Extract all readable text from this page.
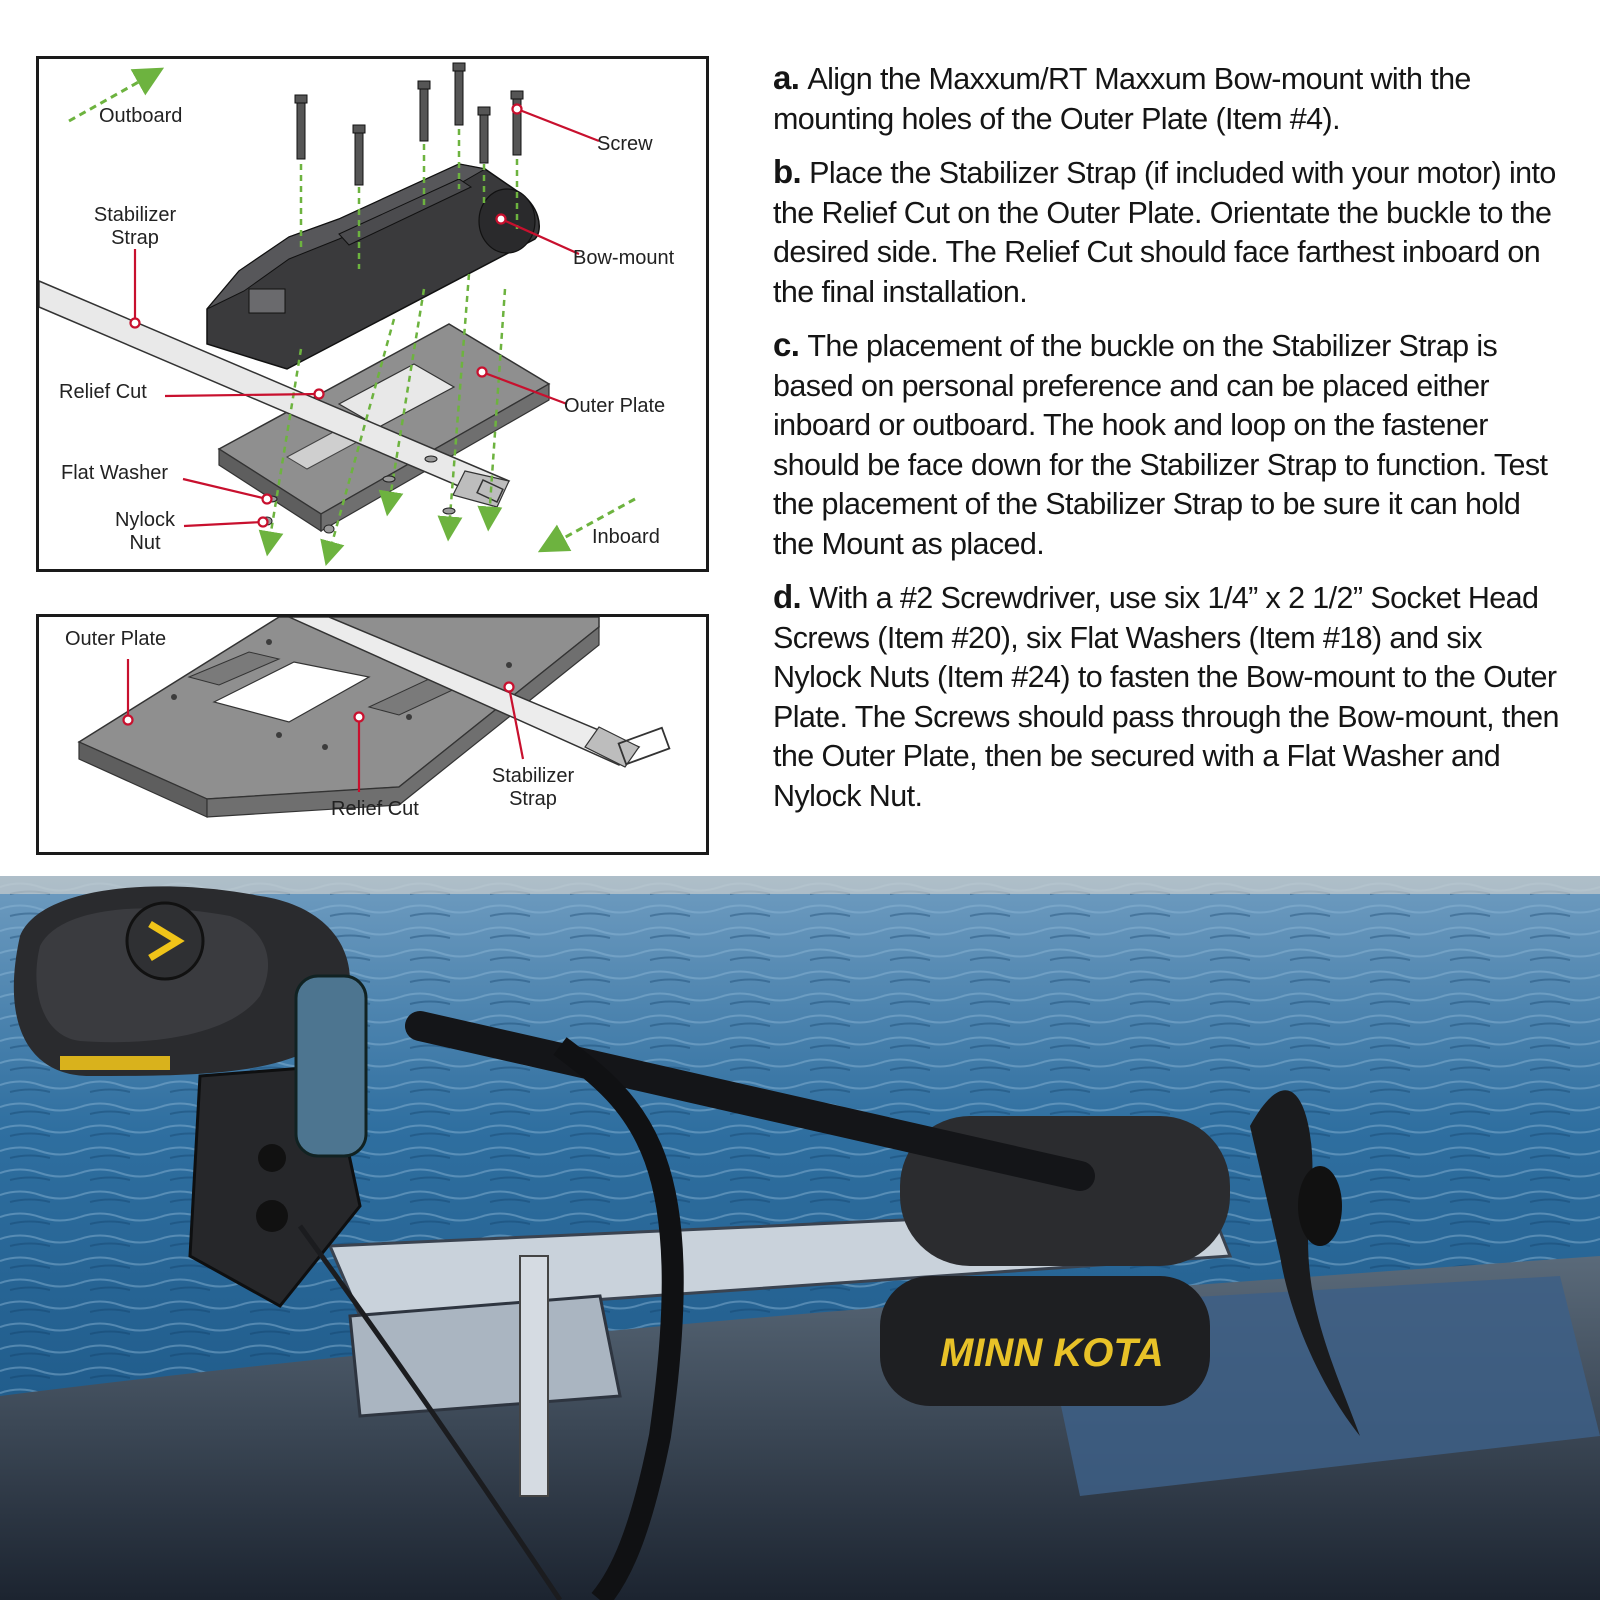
Outboard
Screw
Stabilizer
Strap
Bow-mount
Relief Cut
Outer Plate
Flat Washer
Nylock
Nut	Inboard
Outer Plate
Relief Cut
Stabilizer
Strap

a. Align the Maxxum/RT Maxxum Bow-mount with the mounting holes of the Outer Plate (Item #4).

b. Place the Stabilizer Strap (if included with your motor) into the Relief Cut on the Outer Plate. Orientate the buckle to the desired side. The Relief Cut should face farthest inboard on the final installation.

c. The placement of the buckle on the Stabilizer Strap is based on personal preference and can be placed either inboard or outboard. The hook and loop on the fastener should be face down for the Stabilizer Strap to function. Test the placement of the Stabilizer Strap to be sure it can hold the Mount as placed.

d. With a #2 Screwdriver, use six 1/4” x 2 1/2” Socket Head Screws (Item #20), six Flat Washers (Item #18) and six Nylock Nuts (Item #24) to fasten the Bow-mount to the Outer Plate. The Screws should pass through the Bow-mount, then the Outer Plate, then be secured with a Flat Washer and Nylock Nut.

MINN KOTA
